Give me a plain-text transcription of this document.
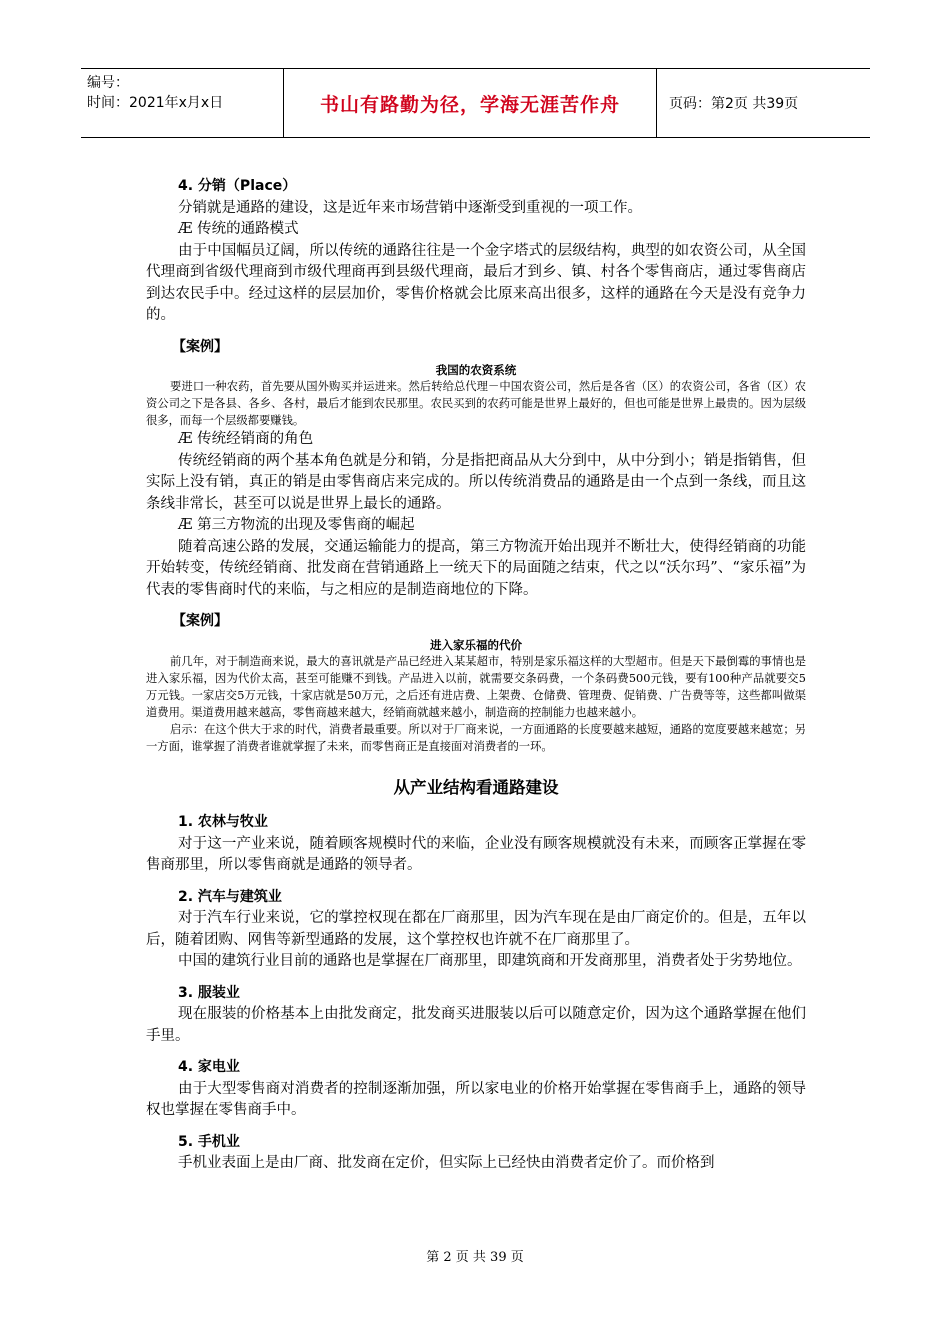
编号：
时间：2021年x月x日	书山有路勤为径，学海无涯苦作舟	页码：第2页 共39页
4. 分销（Place）

分销就是通路的建设，这是近年来市场营销中逐渐受到重视的一项工作。

Æ 传统的通路模式

由于中国幅员辽阔，所以传统的通路往往是一个金字塔式的层级结构，典型的如农资公司，从全国代理商到省级代理商到市级代理商再到县级代理商，最后才到乡、镇、村各个零售商店，通过零售商店到达农民手中。经过这样的层层加价，零售价格就会比原来高出很多，这样的通路在今天是没有竞争力的。

【案例】
我国的农资系统

要进口一种农药，首先要从国外购买并运进来。然后转给总代理－中国农资公司，然后是各省（区）的农资公司，各省（区）农资公司之下是各县、各乡、各村，最后才能到农民那里。农民买到的农药可能是世界上最好的，但也可能是世界上最贵的。因为层级很多，而每一个层级都要赚钱。

Æ 传统经销商的角色

传统经销商的两个基本角色就是分和销，分是指把商品从大分到中，从中分到小；销是指销售，但实际上没有销，真正的销是由零售商店来完成的。所以传统消费品的通路是由一个点到一条线，而且这条线非常长，甚至可以说是世界上最长的通路。

Æ 第三方物流的出现及零售商的崛起

随着高速公路的发展，交通运输能力的提高，第三方物流开始出现并不断壮大，使得经销商的功能开始转变，传统经销商、批发商在营销通路上一统天下的局面随之结束，代之以“沃尔玛”、“家乐福”为代表的零售商时代的来临，与之相应的是制造商地位的下降。

【案例】
进入家乐福的代价

前几年，对于制造商来说，最大的喜讯就是产品已经进入某某超市，特别是家乐福这样的大型超市。但是天下最倒霉的事情也是进入家乐福，因为代价太高，甚至可能赚不到钱。产品进入以前，就需要交条码费，一个条码费500元钱，要有100种产品就要交5万元钱。一家店交5万元钱，十家店就是50万元，之后还有进店费、上架费、仓储费、管理费、促销费、广告费等等，这些都叫做渠道费用。渠道费用越来越高，零售商越来越大，经销商就越来越小，制造商的控制能力也越来越小。

启示：在这个供大于求的时代，消费者最重要。所以对于厂商来说，一方面通路的长度要越来越短，通路的宽度要越来越宽；另一方面，谁掌握了消费者谁就掌握了未来，而零售商正是直接面对消费者的一环。

从产业结构看通路建设
1. 农林与牧业

对于这一产业来说，随着顾客规模时代的来临，企业没有顾客规模就没有未来，而顾客正掌握在零售商那里，所以零售商就是通路的领导者。

2. 汽车与建筑业

对于汽车行业来说，它的掌控权现在都在厂商那里，因为汽车现在是由厂商定价的。但是，五年以后，随着团购、网售等新型通路的发展，这个掌控权也许就不在厂商那里了。

中国的建筑行业目前的通路也是掌握在厂商那里，即建筑商和开发商那里，消费者处于劣势地位。

3. 服装业

现在服装的价格基本上由批发商定，批发商买进服装以后可以随意定价，因为这个通路掌握在他们手里。

4. 家电业

由于大型零售商对消费者的控制逐渐加强，所以家电业的价格开始掌握在零售商手上，通路的领导权也掌握在零售商手中。

5. 手机业

手机业表面上是由厂商、批发商在定价，但实际上已经快由消费者定价了。而价格到

第 2 页 共 39 页
